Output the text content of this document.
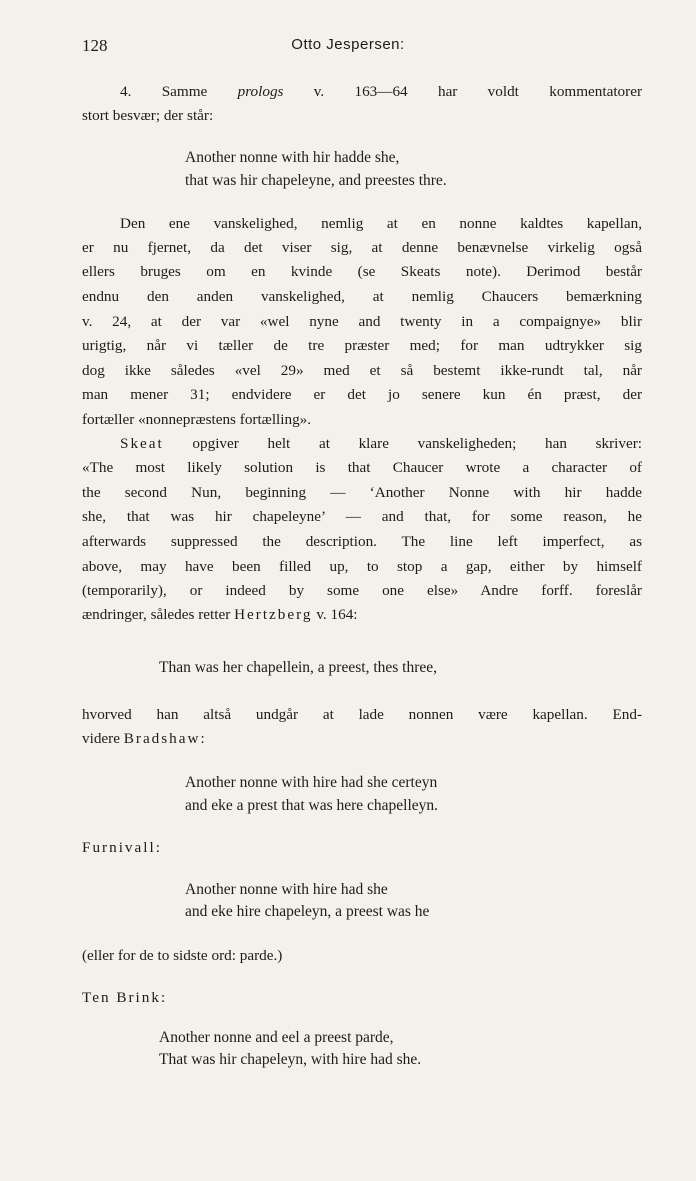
128	Otto Jespersen:
4. Samme prologs v. 163—64 har voldt kommentatorer
stort besvær; der står:
Another nonne with hir hadde she,
that was hir chapeleyne, and preestes thre.
Den ene vanskelighed, nemlig at en nonne kaldtes kapellan,
er nu fjernet, da det viser sig, at denne benævnelse virkelig også
ellers bruges om en kvinde (se Skeats note). Derimod består
endnu den anden vanskelighed, at nemlig Chaucers bemærkning
v. 24, at der var «wel nyne and twenty in a compaignye» blir
urigtig, når vi tæller de tre præster med; for man udtrykker sig
dog ikke således «vel 29» med et så bestemt ikke-rundt tal, når
man mener 31; endvidere er det jo senere kun én præst, der
fortæller «nonnepræstens fortælling».
Skeat opgiver helt at klare vanskeligheden; han skriver:
«The most likely solution is that Chaucer wrote a character of
the second Nun, beginning — ‘Another Nonne with hir hadde
she, that was hir chapeleyne’ — and that, for some reason, he
afterwards suppressed the description. The line left imperfect, as
above, may have been filled up, to stop a gap, either by himself
(temporarily), or indeed by some one else» Andre forff. foreslår
ændringer, således retter Hertzberg v. 164:
Than was her chapellein, a preest, thes three,
hvorved han altså undgår at lade nonnen være kapellan. End-
videre Bradshaw:
Another nonne with hire had she certeyn
and eke a prest that was here chapelleyn.
Furnivall:
Another nonne with hire had she
and eke hire chapeleyn, a preest was he
(eller for de to sidste ord: parde.)
Ten Brink:
Another nonne and eel a preest parde,
That was hir chapeleyn, with hire had she.
